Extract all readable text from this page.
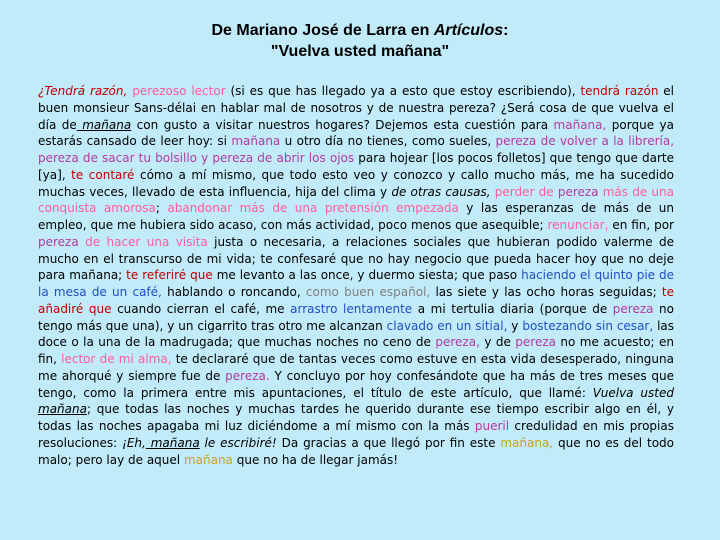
De Mariano José de Larra en Artículos:
"Vuelva usted mañana"
¿Tendrá razón, perezoso lector (si es que has llegado ya a esto que estoy escribiendo), tendrá razón el buen monsieur Sans-délai en hablar mal de nosotros y de nuestra pereza? ¿Será cosa de que vuelva el día de mañana con gusto a visitar nuestros hogares? Dejemos esta cuestión para mañana, porque ya estarás cansado de leer hoy: si mañana u otro día no tienes, como sueles, pereza de volver a la librería, pereza de sacar tu bolsillo y pereza de abrir los ojos para hojear [los pocos folletos] que tengo que darte [ya], te contaré cómo a mí mismo, que todo esto veo y conozco y callo mucho más, me ha sucedido muchas veces, llevado de esta influencia, hija del clima y de otras causas, perder de pereza más de una conquista amorosa; abandonar más de una pretensión empezada y las esperanzas de más de un empleo, que me hubiera sido acaso, con más actividad, poco menos que asequible; renunciar, en fin, por pereza de hacer una visita justa o necesaria, a relaciones sociales que hubieran podido valerme de mucho en el transcurso de mi vida; te confesaré que no hay negocio que pueda hacer hoy que no deje para mañana; te referiré que me levanto a las once, y duermo siesta; que paso haciendo el quinto pie de la mesa de un café, hablando o roncando, como buen español, las siete y las ocho horas seguidas; te añadiré que cuando cierran el café, me arrastro lentamente a mi tertulia diaria (porque de pereza no tengo más que una), y un cigarrito tras otro me alcanzan clavado en un sitial, y bostezando sin cesar, las doce o la una de la madrugada; que muchas noches no ceno de pereza, y de pereza no me acuesto; en fin, lector de mi alma, te declararé que de tantas veces como estuve en esta vida desesperado, ninguna me ahorqué y siempre fue de pereza. Y concluyo por hoy confesándote que ha más de tres meses que tengo, como la primera entre mis apuntaciones, el título de este artículo, que llamé: Vuelva usted mañana; que todas las noches y muchas tardes he querido durante ese tiempo escribir algo en él, y todas las noches apagaba mi luz diciéndome a mí mismo con la más pueril credulidad en mis propias resoluciones: ¡Eh, mañana le escribiré! Da gracias a que llegó por fin este mañana, que no es del todo malo; pero lay de aquel mañana que no ha de llegar jamás!
